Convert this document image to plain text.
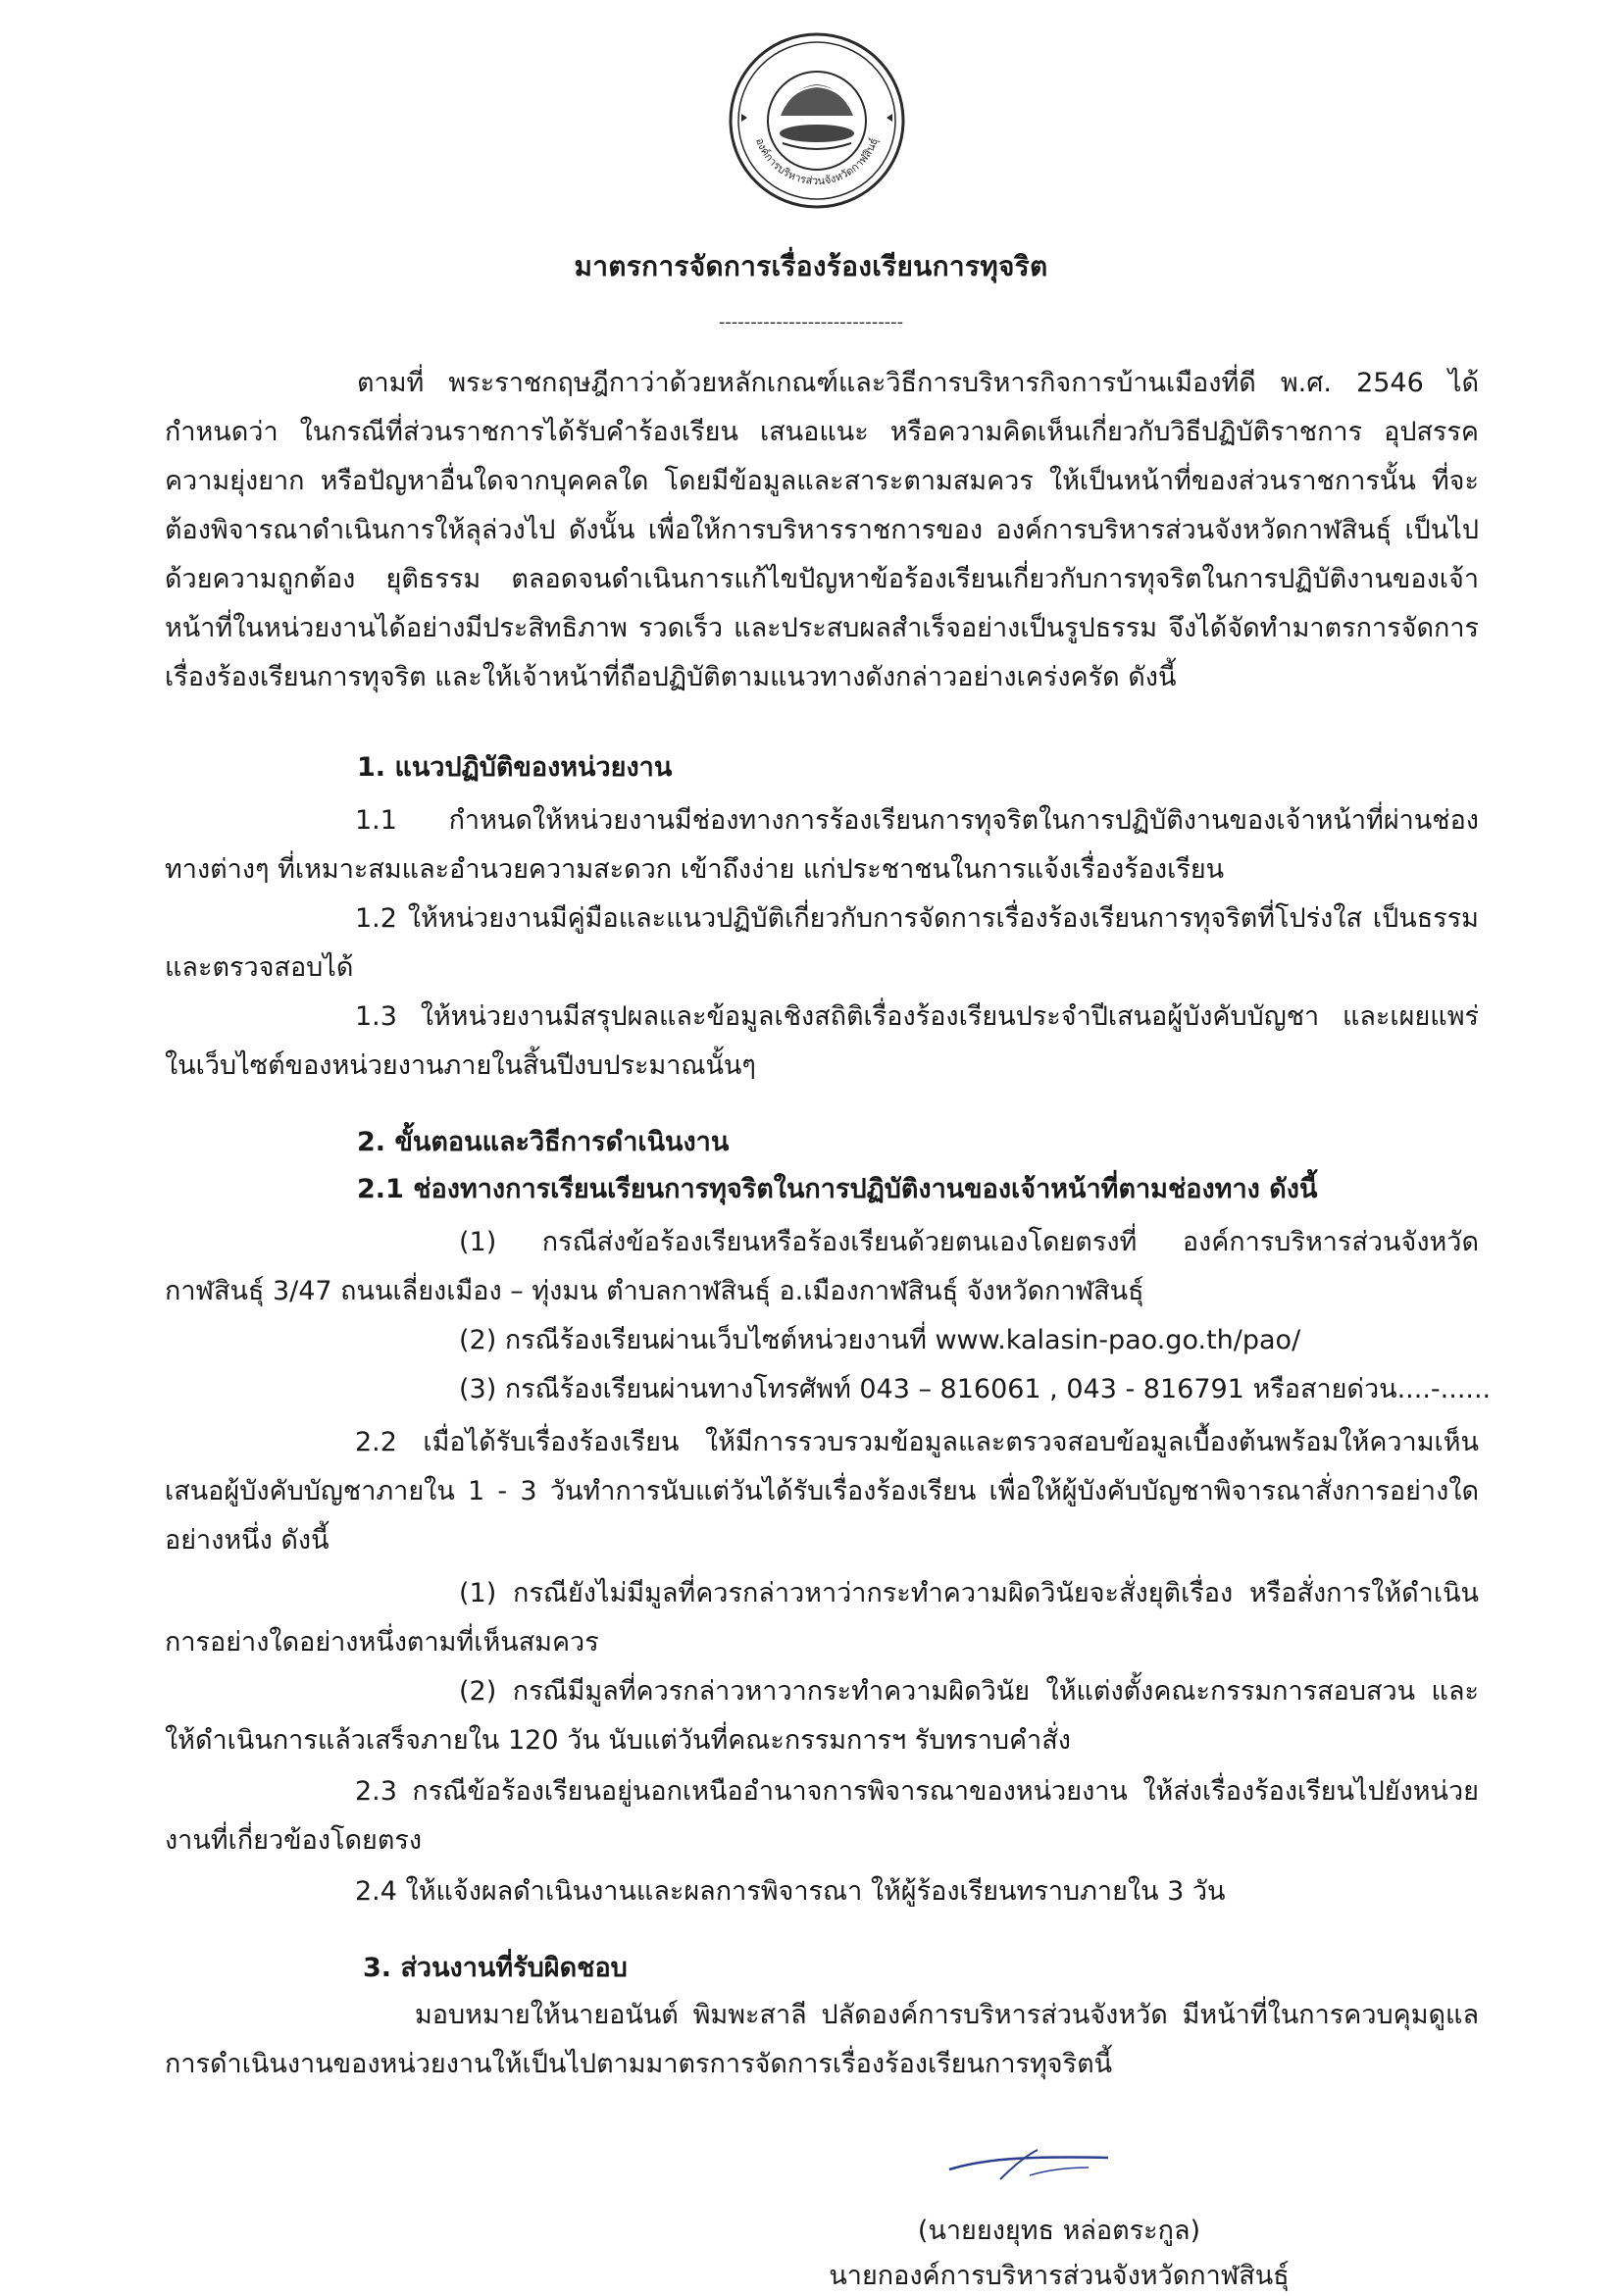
องค์การบริหารส่วนจังหวัดกาฬสินธุ์
มาตรการจัดการเรื่องร้องเรียนการทุจริต
-----------------------------

ตามที่ พระราชกฤษฎีกาว่าด้วยหลักเกณฑ์และวิธีการบริหารกิจการบ้านเมืองที่ดี พ.ศ. 2546 ได้กำหนดว่า ในกรณีที่ส่วนราชการได้รับคำร้องเรียน เสนอแนะ หรือความคิดเห็นเกี่ยวกับวิธีปฏิบัติราชการ อุปสรรค ความยุ่งยาก หรือปัญหาอื่นใดจากบุคคลใด โดยมีข้อมูลและสาระตามสมควร ให้เป็นหน้าที่ของส่วนราชการนั้น ที่จะต้องพิจารณาดำเนินการให้ลุล่วงไป ดังนั้น เพื่อให้การบริหารราชการของ องค์การบริหารส่วนจังหวัดกาฬสินธุ์ เป็นไปด้วยความถูกต้อง ยุติธรรม ตลอดจนดำเนินการแก้ไขปัญหาข้อร้องเรียนเกี่ยวกับการทุจริตในการปฏิบัติงานของเจ้าหน้าที่ในหน่วยงานได้อย่างมีประสิทธิภาพ รวดเร็ว และประสบผลสำเร็จอย่างเป็นรูปธรรม จึงได้จัดทำมาตรการจัดการ เรื่องร้องเรียนการทุจริต และให้เจ้าหน้าที่ถือปฏิบัติตามแนวทางดังกล่าวอย่างเคร่งครัด ดังนี้

1. แนวปฏิบัติของหน่วยงาน

1.1 กำหนดให้หน่วยงานมีช่องทางการร้องเรียนการทุจริตในการปฏิบัติงานของเจ้าหน้าที่ผ่านช่องทางต่างๆ ที่เหมาะสมและอำนวยความสะดวก เข้าถึงง่าย แก่ประชาชนในการแจ้งเรื่องร้องเรียน

1.2 ให้หน่วยงานมีคู่มือและแนวปฏิบัติเกี่ยวกับการจัดการเรื่องร้องเรียนการทุจริตที่โปร่งใส เป็นธรรม และตรวจสอบได้

1.3 ให้หน่วยงานมีสรุปผลและข้อมูลเชิงสถิติเรื่องร้องเรียนประจำปีเสนอผู้บังคับบัญชา และเผยแพร่ในเว็บไซต์ของหน่วยงานภายในสิ้นปีงบประมาณนั้นๆ

2. ขั้นตอนและวิธีการดำเนินงาน
2.1 ช่องทางการเรียนเรียนการทุจริตในการปฏิบัติงานของเจ้าหน้าที่ตามช่องทาง ดังนี้

(1) กรณีส่งข้อร้องเรียนหรือร้องเรียนด้วยตนเองโดยตรงที่ องค์การบริหารส่วนจังหวัดกาฬสินธุ์ 3/47 ถนนเลี่ยงเมือง – ทุ่งมน ตำบลกาฬสินธุ์ อ.เมืองกาฬสินธุ์ จังหวัดกาฬสินธุ์

(2) กรณีร้องเรียนผ่านเว็บไซต์หน่วยงานที่ www.kalasin-pao.go.th/pao/
(3) กรณีร้องเรียนผ่านทางโทรศัพท์ 043 – 816061 , 043 - 816791 หรือสายด่วน....-......

2.2 เมื่อได้รับเรื่องร้องเรียน ให้มีการรวบรวมข้อมูลและตรวจสอบข้อมูลเบื้องต้นพร้อมให้ความเห็นเสนอผู้บังคับบัญชาภายใน 1 - 3 วันทำการนับแต่วันได้รับเรื่องร้องเรียน เพื่อให้ผู้บังคับบัญชาพิจารณาสั่งการอย่างใดอย่างหนึ่ง ดังนี้

(1) กรณียังไม่มีมูลที่ควรกล่าวหาว่ากระทำความผิดวินัยจะสั่งยุติเรื่อง หรือสั่งการให้ดำเนินการอย่างใดอย่างหนึ่งตามที่เห็นสมควร

(2) กรณีมีมูลที่ควรกล่าวหาวากระทำความผิดวินัย ให้แต่งตั้งคณะกรรมการสอบสวน และให้ดำเนินการแล้วเสร็จภายใน 120 วัน นับแต่วันที่คณะกรรมการฯ รับทราบคำสั่ง

2.3 กรณีข้อร้องเรียนอยู่นอกเหนืออำนาจการพิจารณาของหน่วยงาน ให้ส่งเรื่องร้องเรียนไปยังหน่วยงานที่เกี่ยวข้องโดยตรง

2.4 ให้แจ้งผลดำเนินงานและผลการพิจารณา ให้ผู้ร้องเรียนทราบภายใน 3 วัน
3. ส่วนงานที่รับผิดชอบ

มอบหมายให้นายอนันต์ พิมพะสาลี ปลัดองค์การบริหารส่วนจังหวัด มีหน้าที่ในการควบคุมดูแลการดำเนินงานของหน่วยงานให้เป็นไปตามมาตรการจัดการเรื่องร้องเรียนการทุจริตนี้

(นายยงยุทธ หล่อตระกูล)
นายกองค์การบริหารส่วนจังหวัดกาฬสินธุ์
